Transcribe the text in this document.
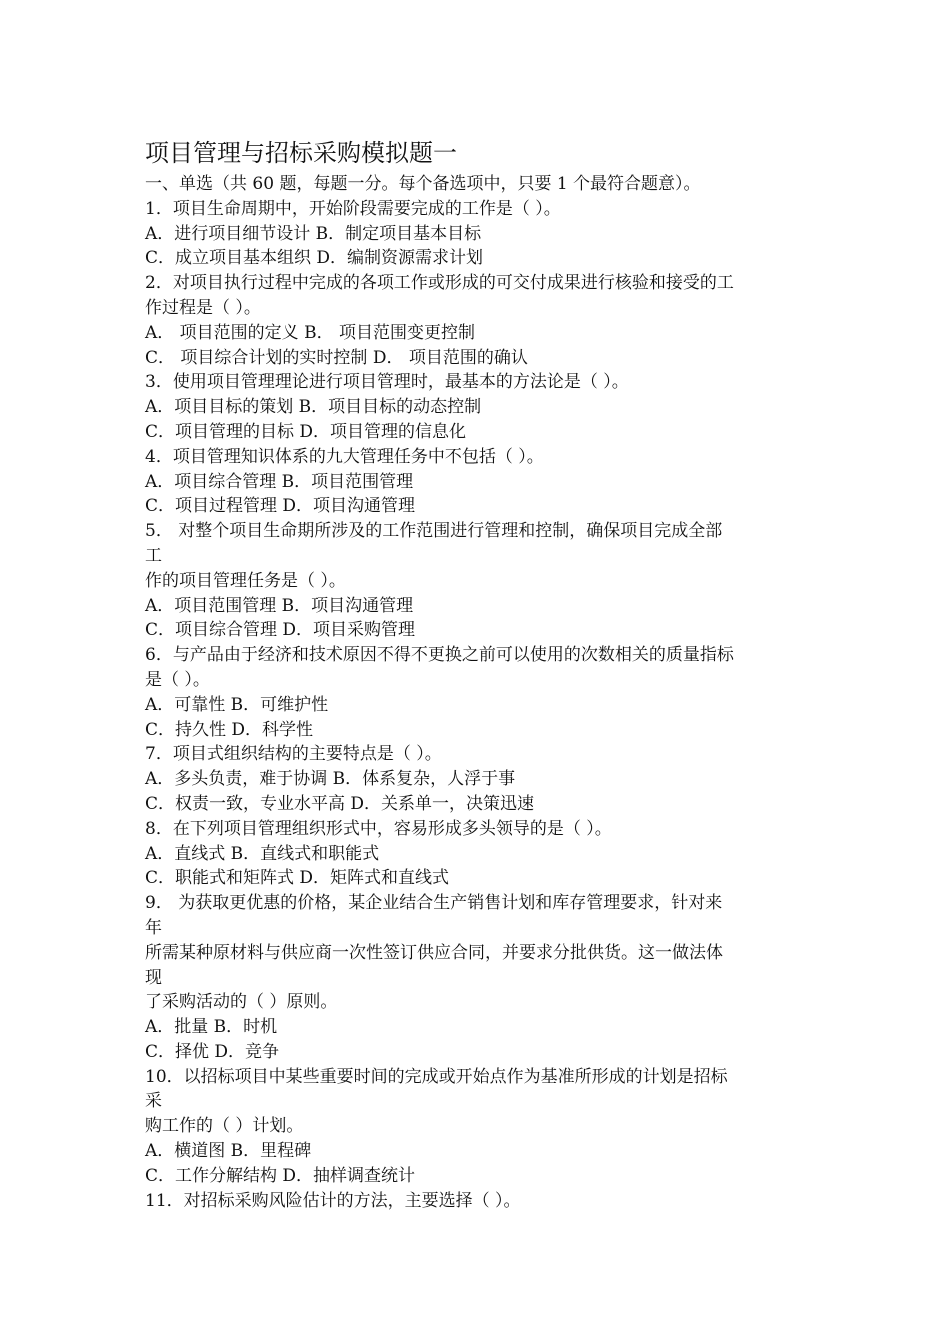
项目管理与招标采购模拟题一
一、单选（共 60 题，每题一分。每个备选项中，只要 1 个最符合题意）。
1．项目生命周期中，开始阶段需要完成的工作是（ ）。
A．进行项目细节设计 B．制定项目基本目标
C．成立项目基本组织 D．编制资源需求计划
2．对项目执行过程中完成的各项工作或形成的可交付成果进行核验和接受的工
作过程是（ ）。
A． 项目范围的定义 B． 项目范围变更控制
C． 项目综合计划的实时控制 D． 项目范围的确认
3．使用项目管理理论进行项目管理时，最基本的方法论是（ ）。
A．项目目标的策划 B．项目目标的动态控制
C．项目管理的目标 D．项目管理的信息化
4．项目管理知识体系的九大管理任务中不包括（ ）。
A．项目综合管理 B．项目范围管理
C．项目过程管理 D．项目沟通管理
5． 对整个项目生命期所涉及的工作范围进行管理和控制，确保项目完成全部
工
作的项目管理任务是（ ）。
A．项目范围管理 B．项目沟通管理
C．项目综合管理 D．项目采购管理
6．与产品由于经济和技术原因不得不更换之前可以使用的次数相关的质量指标
是（ ）。
A．可靠性 B．可维护性
C．持久性 D．科学性
7．项目式组织结构的主要特点是（ ）。
A．多头负责，难于协调 B．体系复杂，人浮于事
C．权责一致，专业水平高 D．关系单一，决策迅速
8．在下列项目管理组织形式中，容易形成多头领导的是（ ）。
A．直线式 B．直线式和职能式
C．职能式和矩阵式 D．矩阵式和直线式
9． 为获取更优惠的价格，某企业结合生产销售计划和库存管理要求，针对来
年
所需某种原材料与供应商一次性签订供应合同，并要求分批供货。这一做法体
现
了采购活动的（ ）原则。
A．批量 B．时机
C．择优 D．竞争
10．以招标项目中某些重要时间的完成或开始点作为基准所形成的计划是招标
采
购工作的（ ）计划。
A．横道图 B．里程碑
C．工作分解结构 D．抽样调查统计
11．对招标采购风险估计的方法，主要选择（ ）。
